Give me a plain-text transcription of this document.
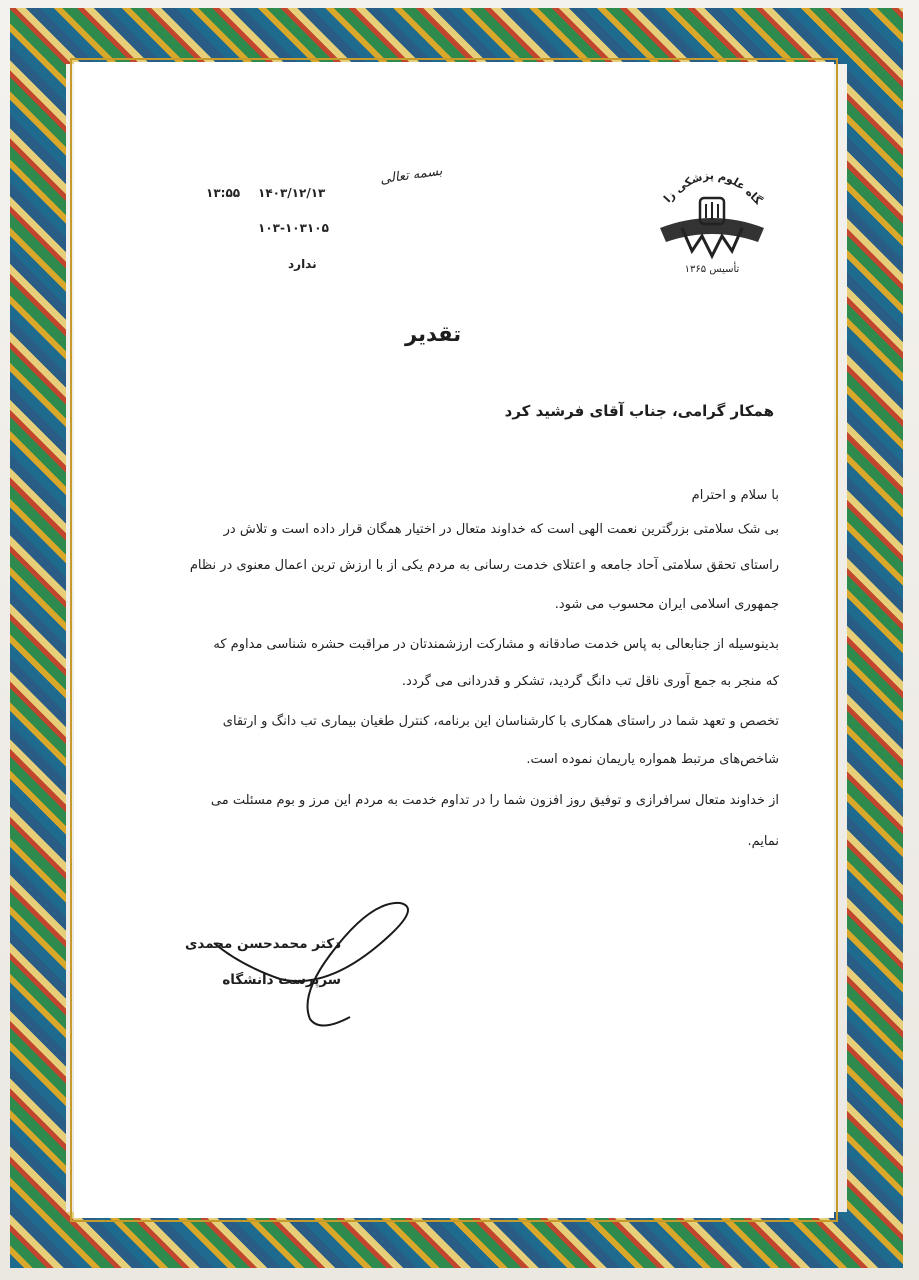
گاه علوم پزشکی زا
تأسیس ۱۳۶۵
بسمه تعالی
۱۴۰۳/۱۲/۱۳
۱۳:۵۵
۱۰۳-۱۰۳۱۰۵
ندارد
تقدیر
همکار گرامی، جناب آقای فرشید کرد
با سلام و احترام
بی شک سلامتی بزرگترین نعمت الهی است که خداوند متعال در اختیار همگان قرار داده است و تلاش در
راستای تحقق سلامتی آحاد جامعه و اعتلای خدمت رسانی به مردم یکی از با ارزش ترین اعمال معنوی در نظام
جمهوری اسلامی ایران محسوب می شود.
بدینوسیله از جنابعالی به پاس خدمت صادقانه و مشارکت ارزشمندتان در مراقبت حشره شناسی مداوم که
که منجر به جمع آوری ناقل تب دانگ گردید، تشکر و قدردانی می گردد.
تخصص و تعهد شما در راستای همکاری با کارشناسان این برنامه، کنترل طغیان بیماری تب دانگ و ارتقای
شاخص‌های مرتبط همواره یاریمان نموده است.
از خداوند متعال سرافرازی و توفیق روز افزون شما را در تداوم خدمت به مردم این مرز و بوم مسئلت می
نمایم.
دکتر محمدحسن محمدی
سرپرست دانشگاه
